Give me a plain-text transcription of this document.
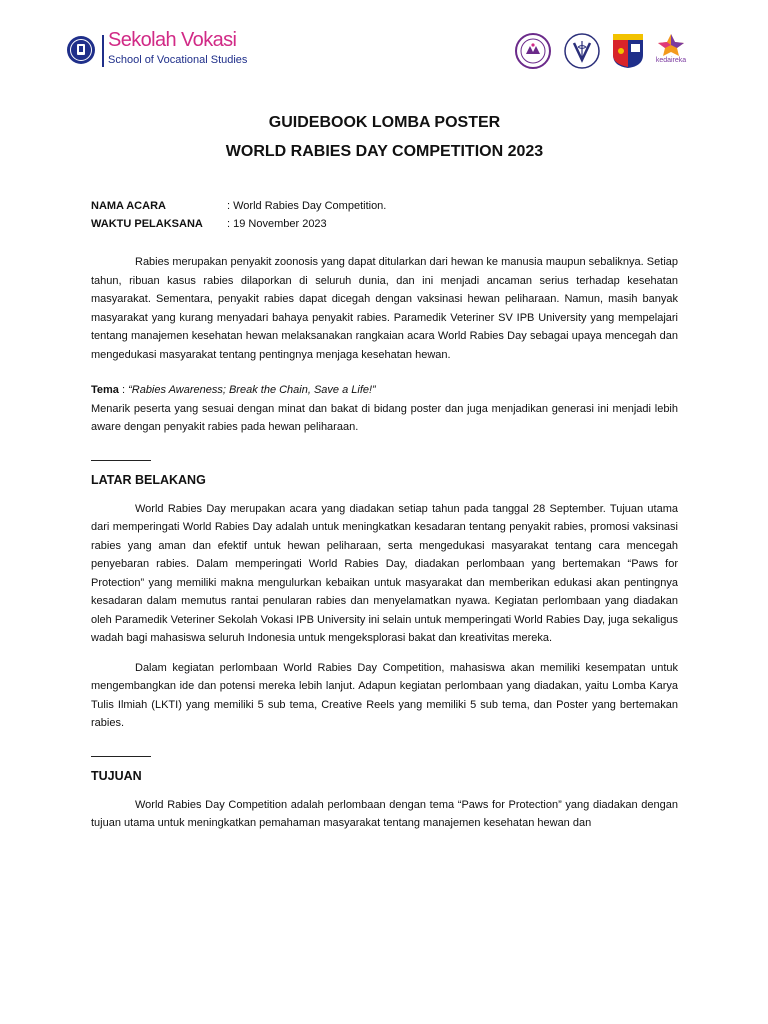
Sekolah Vokasi
School of Vocational Studies	kedaireka

GUIDEBOOK LOMBA POSTER

WORLD RABIES DAY COMPETITION 2023

NAMA ACARA	: World Rabies Day Competition.
WAKTU PELAKSANA	: 19 November 2023

Rabies merupakan penyakit zoonosis yang dapat ditularkan dari hewan ke manusia maupun sebaliknya. Setiap tahun, ribuan kasus rabies dilaporkan di seluruh dunia, dan ini menjadi ancaman serius terhadap kesehatan masyarakat. Sementara, penyakit rabies dapat dicegah dengan vaksinasi hewan peliharaan. Namun, masih banyak masyarakat yang kurang menyadari bahaya penyakit rabies. Paramedik Veteriner SV IPB University yang mempelajari tentang manajemen kesehatan hewan melaksanakan rangkaian acara World Rabies Day sebagai upaya mencegah dan mengedukasi masyarakat tentang pentingnya menjaga kesehatan hewan.

Tema : “Rabies Awareness; Break the Chain, Save a Life!”
Menarik peserta yang sesuai dengan minat dan bakat di bidang poster dan juga menjadikan generasi ini menjadi lebih aware dengan penyakit rabies pada hewan peliharaan.

LATAR BELAKANG

World Rabies Day merupakan acara yang diadakan setiap tahun pada tanggal 28 September. Tujuan utama dari memperingati World Rabies Day adalah untuk meningkatkan kesadaran tentang penyakit rabies, promosi vaksinasi rabies yang aman dan efektif untuk hewan peliharaan, serta mengedukasi masyarakat tentang cara mencegah penyebaran rabies. Dalam memperingati World Rabies Day, diadakan perlombaan yang bertemakan “Paws for Protection” yang memiliki makna mengulurkan kebaikan untuk masyarakat dan memberikan edukasi akan pentingnya kesadaran dalam memutus rantai penularan rabies dan menyelamatkan nyawa. Kegiatan perlombaan yang diadakan oleh Paramedik Veteriner Sekolah Vokasi IPB University ini selain untuk memperingati World Rabies Day, juga sekaligus wadah bagi mahasiswa seluruh Indonesia untuk mengeksplorasi bakat dan kreativitas mereka.

Dalam kegiatan perlombaan World Rabies Day Competition, mahasiswa akan memiliki kesempatan untuk mengembangkan ide dan potensi mereka lebih lanjut. Adapun kegiatan perlombaan yang diadakan, yaitu Lomba Karya Tulis Ilmiah (LKTI) yang memiliki 5 sub tema, Creative Reels yang memiliki 5 sub tema, dan Poster yang bertemakan rabies.

TUJUAN

World Rabies Day Competition adalah perlombaan dengan tema “Paws for Protection” yang diadakan dengan tujuan utama untuk meningkatkan pemahaman masyarakat tentang manajemen kesehatan hewan dan
